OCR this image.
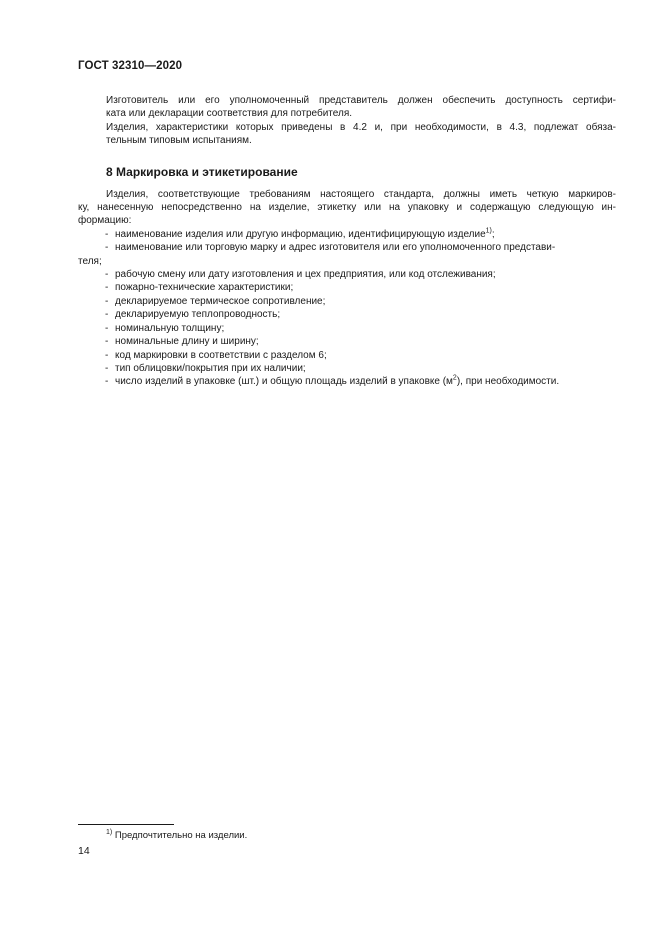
ГОСТ 32310—2020

Изготовитель или его уполномоченный представитель должен обеспечить доступность сертифи-
ката или декларации соответствия для потребителя.

Изделия, характеристики которых приведены в 4.2 и, при необходимости, в 4.3, подлежат обяза-
тельным типовым испытаниям.

8 Маркировка и этикетирование

Изделия, соответствующие требованиям настоящего стандарта, должны иметь четкую маркиров-
ку, нанесенную непосредственно на изделие, этикетку или на упаковку и содержащую следующую ин-
формацию:

- наименование изделия или другую информацию, идентифицирующую изделие$^{1)}$;
- наименование или торговую марку и адрес изготовителя или его уполномоченного представи-
теля;
- рабочую смену или дату изготовления и цех предприятия, или код отслеживания;
- пожарно-технические характеристики;
- декларируемое термическое сопротивление;
- декларируемую теплопроводность;
- номинальную толщину;
- номинальные длину и ширину;
- код маркировки в соответствии с разделом 6;
- тип облицовки/покрытия при их наличии;
- число изделий в упаковке (шт.) и общую площадь изделий в упаковке $(м^2)$, при необходимости.
$^{1)}$ Предпочтительно на изделии.
14
